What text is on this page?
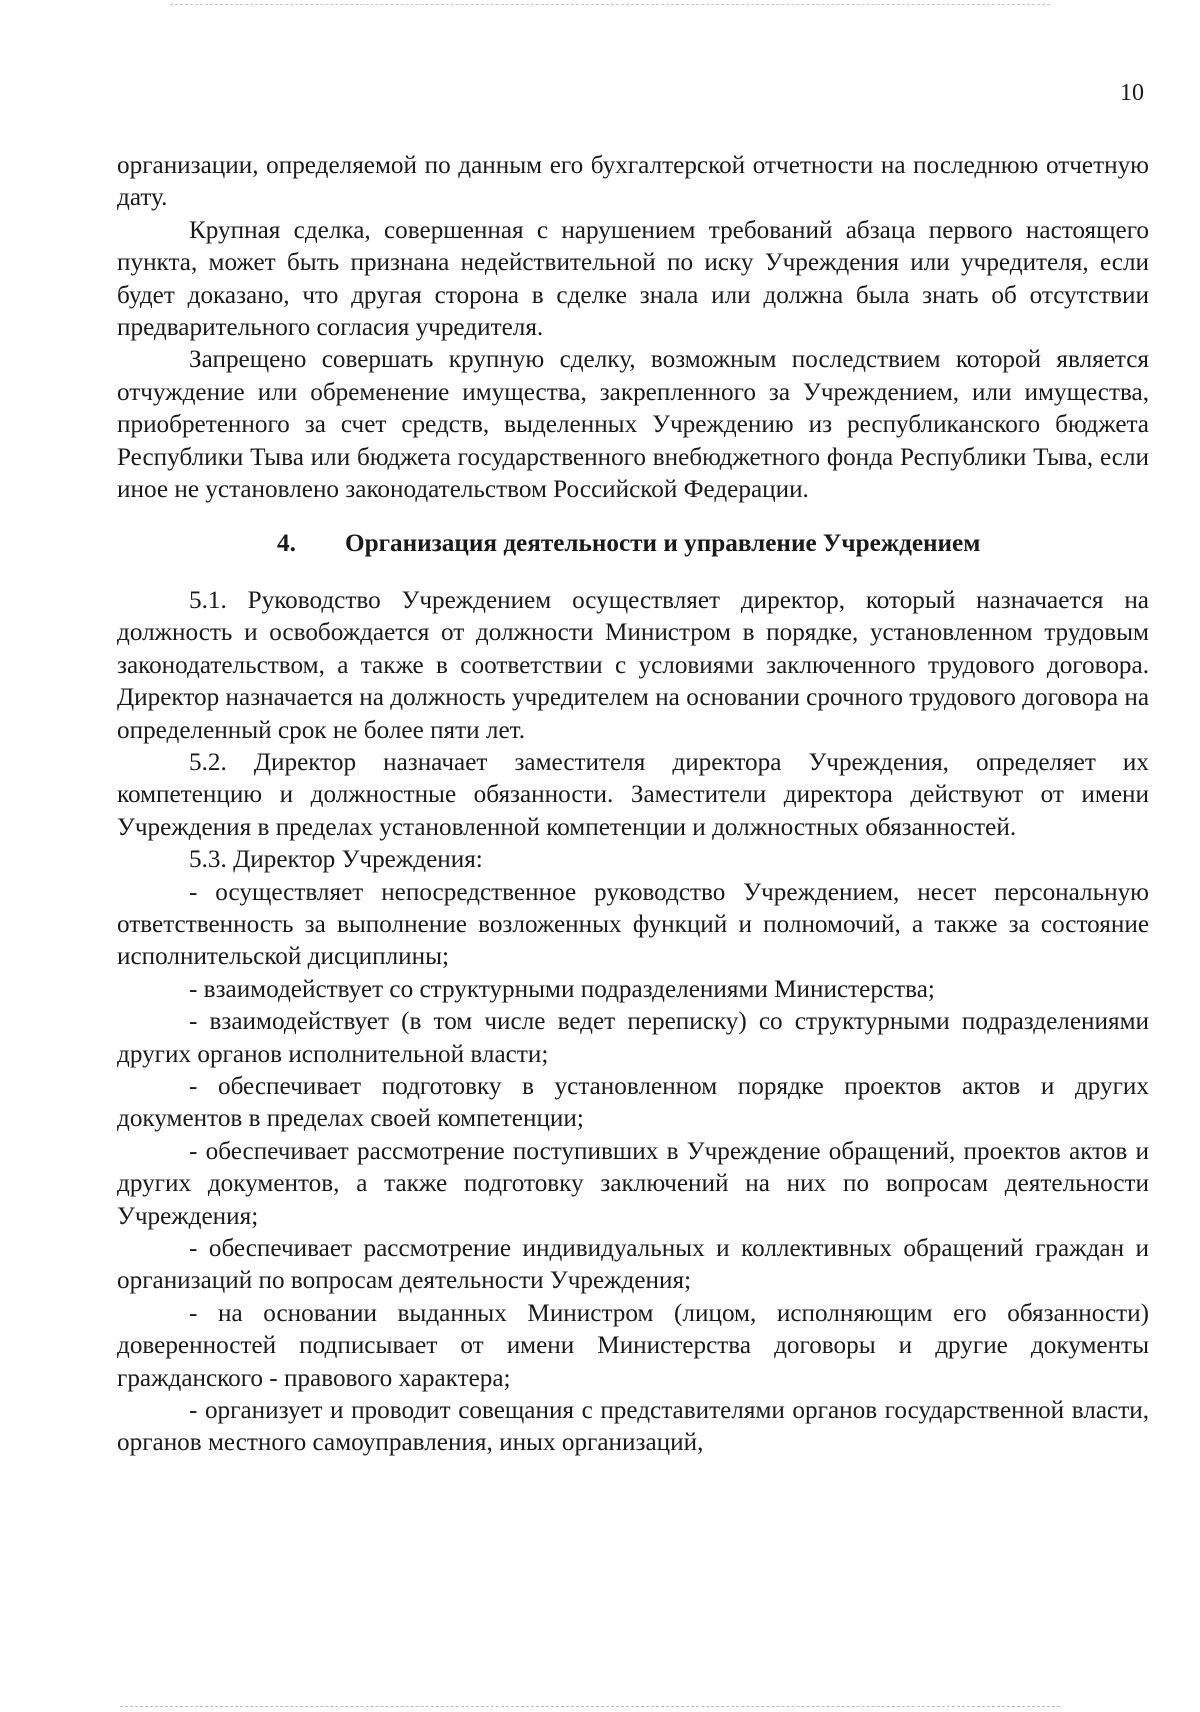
10

организации, определяемой по данным его бухгалтерской отчетности на последнюю отчетную дату.

Крупная сделка, совершенная с нарушением требований абзаца первого настоящего пункта, может быть признана недействительной по иску Учреждения или учредителя, если будет доказано, что другая сторона в сделке знала или должна была знать об отсутствии предварительного согласия учредителя.

Запрещено совершать крупную сделку, возможным последствием которой является отчуждение или обременение имущества, закрепленного за Учреждением, или имущества, приобретенного за счет средств, выделенных Учреждению из республиканского бюджета Республики Тыва или бюджета государственного внебюджетного фонда Республики Тыва, если иное не установлено законодательством Российской Федерации.

4. Организация деятельности и управление Учреждением

5.1. Руководство Учреждением осуществляет директор, который назначается на должность и освобождается от должности Министром в порядке, установленном трудовым законодательством, а также в соответствии с условиями заключенного трудового договора. Директор назначается на должность учредителем на основании срочного трудового договора на определенный срок не более пяти лет.

5.2. Директор назначает заместителя директора Учреждения, определяет их компетенцию и должностные обязанности. Заместители директора действуют от имени Учреждения в пределах установленной компетенции и должностных обязанностей.

5.3. Директор Учреждения:

- осуществляет непосредственное руководство Учреждением, несет персональную ответственность за выполнение возложенных функций и полномочий, а также за состояние исполнительской дисциплины;

- взаимодействует со структурными подразделениями Министерства;

- взаимодействует (в том числе ведет переписку) со структурными подразделениями других органов исполнительной власти;

- обеспечивает подготовку в установленном порядке проектов актов и других документов в пределах своей компетенции;

- обеспечивает рассмотрение поступивших в Учреждение обращений, проектов актов и других документов, а также подготовку заключений на них по вопросам деятельности Учреждения;

- обеспечивает рассмотрение индивидуальных и коллективных обращений граждан и организаций по вопросам деятельности Учреждения;

- на основании выданных Министром (лицом, исполняющим его обязанности) доверенностей подписывает от имени Министерства договоры и другие документы гражданского - правового характера;

- организует и проводит совещания с представителями органов государственной власти, органов местного самоуправления, иных организаций,
